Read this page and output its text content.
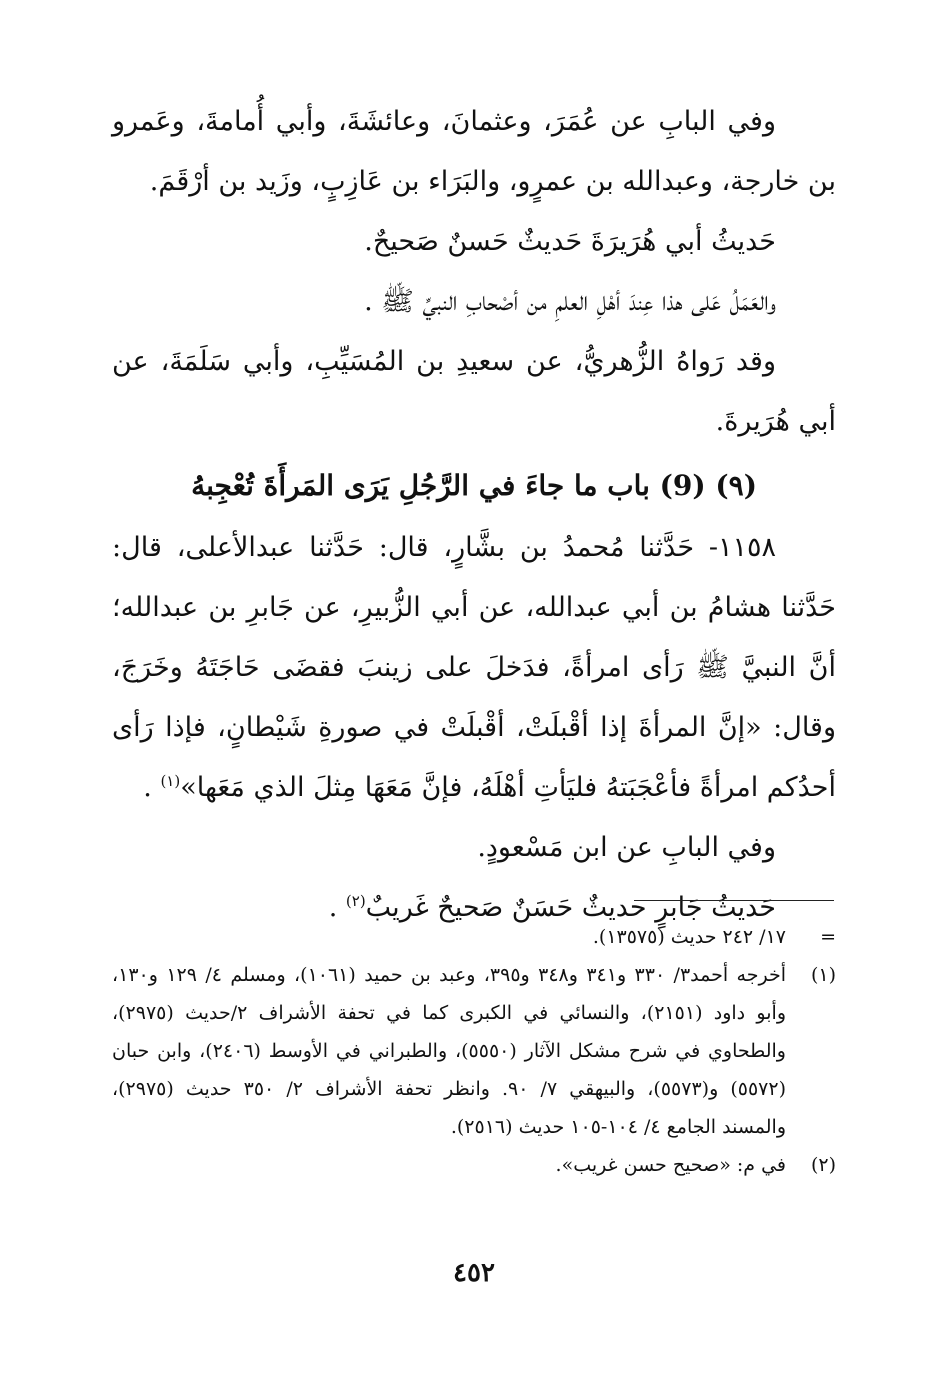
وفي البابِ عن عُمَرَ، وعثمانَ، وعائشَةَ، وأبي أُمامةَ، وعَمرو بن خارجة، وعبدالله بن عمرٍو، والبَرَاء بن عَازِبٍ، وزَيد بن أرْقَمَ.

حَديثُ أبي هُرَيرَةَ حَديثٌ حَسنٌ صَحيحٌ.

والعَمَلُ عَلى هذا عِندَ أهْلِ العلمِ من أصْحابِ النبيِّ ﷺ .

وقد رَواهُ الزُّهريُّ، عن سعيدِ بن المُسَيِّبِ، وأبي سَلَمَةَ، عن أبي هُرَيرةَ.

(٩) (9) باب ما جاءَ في الرَّجُلِ يَرَى المَرأَةَ تُعْجِبهُ

١١٥٨- حَدَّثنا مُحمدُ بن بشَّارٍ، قال: حَدَّثنا عبدالأعلى، قال: حَدَّثنا هشامُ بن أبي عبدالله، عن أبي الزُّبيرِ، عن جَابرِ بن عبدالله؛ أنَّ النبيَّ ﷺ رَأى امرأةً، فدَخلَ على زينبَ فقضَى حَاجَتَهُ وخَرَجَ، وقال: «إنَّ المرأةَ إذا أقْبلَتْ، أقْبلَتْ في صورةِ شَيْطانٍ، فإذا رَأى أحدُكم امرأةً فأعْجَبَتهُ فليَأتِ أهْلَهُ، فإنَّ مَعَهَا مِثلَ الذي مَعَها»$^{(١)}$ .

وفي البابِ عن ابن مَسْعودٍ.

حَديثُ جَابرٍ حديثٌ حَسَنٌ صَحيحٌ غَريبٌ$^{(٢)}$ .

=
١٧/ ٢٤٢ حديث (١٣٥٧٥).
(١)
أخرجه أحمد٣/ ٣٣٠ و٣٤١ و٣٤٨ و٣٩٥، وعبد بن حميد (١٠٦١)، ومسلم ٤/ ١٢٩ و١٣٠، وأبو داود (٢١٥١)، والنسائي في الكبرى كما في تحفة الأشراف ٢/حديث (٢٩٧٥)، والطحاوي في شرح مشكل الآثار (٥٥٥٠)، والطبراني في الأوسط (٢٤٠٦)، وابن حبان (٥٥٧٢) و(٥٥٧٣)، والبيهقي ٧/ ٩٠. وانظر تحفة الأشراف ٢/ ٣٥٠ حديث (٢٩٧٥)، والمسند الجامع ٤/ ١٠٤-١٠٥ حديث (٢٥١٦).
(٢)
في م: «صحيح حسن غريب».
٤٥٢
